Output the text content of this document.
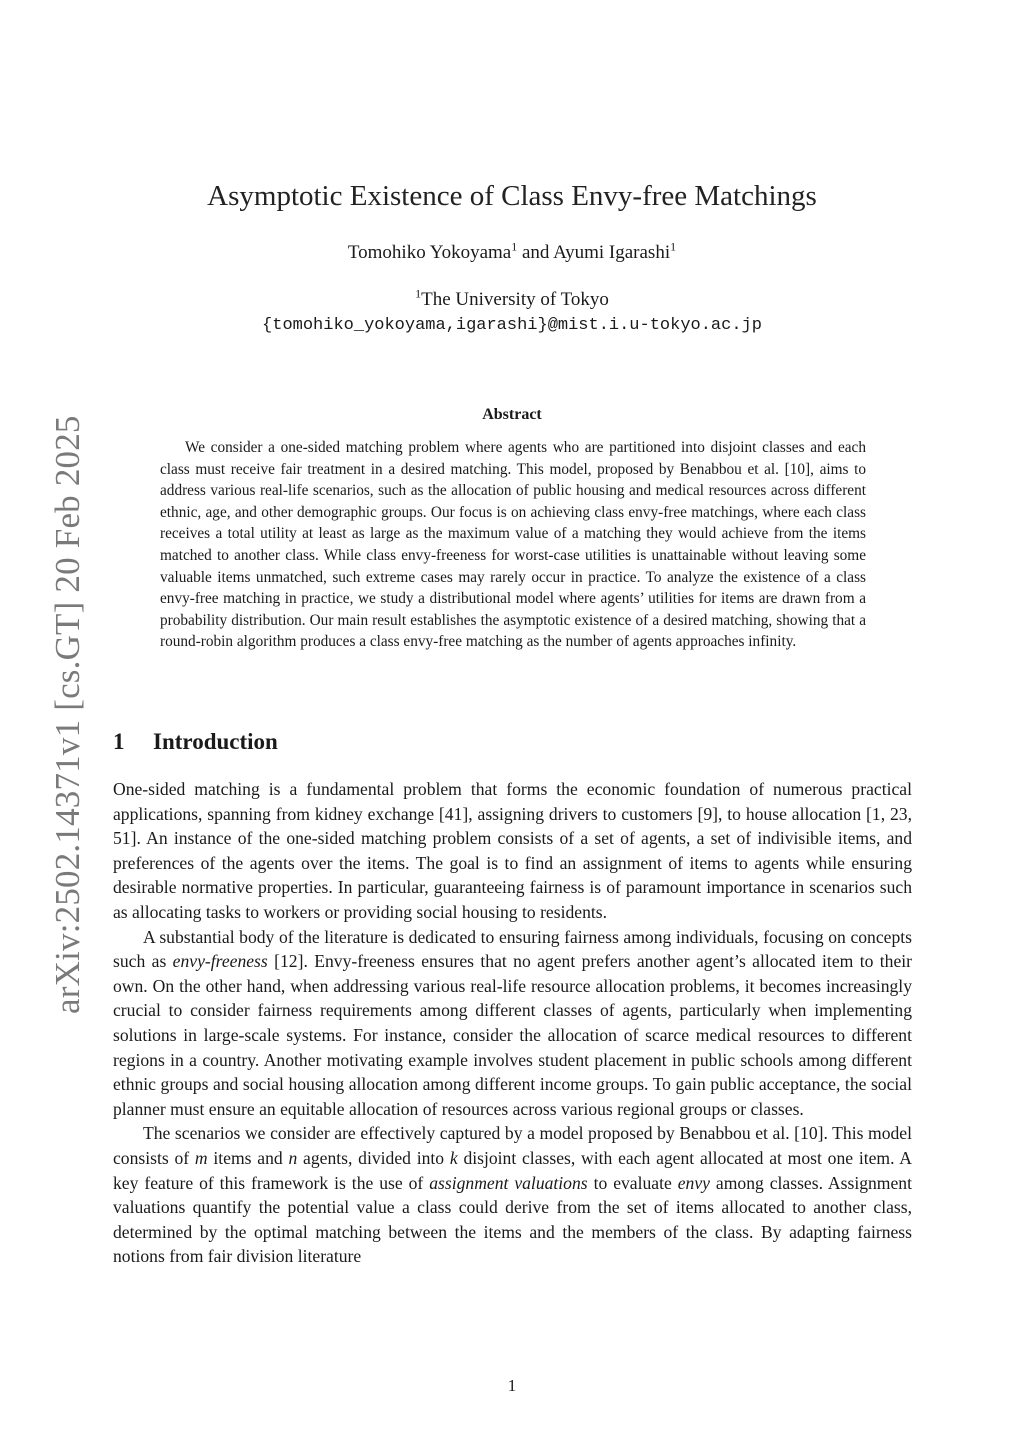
arXiv:2502.14371v1 [cs.GT] 20 Feb 2025
Asymptotic Existence of Class Envy-free Matchings
Tomohiko Yokoyama$^1$ and Ayumi Igarashi$^1$
$^1$The University of Tokyo
{tomohiko_yokoyama,igarashi}@mist.i.u-tokyo.ac.jp
Abstract

We consider a one-sided matching problem where agents who are partitioned into disjoint classes and each class must receive fair treatment in a desired matching. This model, proposed by Benabbou et al. [10], aims to address various real-life scenarios, such as the allocation of public housing and medical resources across different ethnic, age, and other demographic groups. Our focus is on achieving class envy-free matchings, where each class receives a total utility at least as large as the maximum value of a matching they would achieve from the items matched to another class. While class envy-freeness for worst-case utilities is unattainable without leaving some valuable items unmatched, such extreme cases may rarely occur in practice. To analyze the existence of a class envy-free matching in practice, we study a distributional model where agents’ utilities for items are drawn from a probability distribution. Our main result establishes the asymptotic existence of a desired matching, showing that a round-robin algorithm produces a class envy-free matching as the number of agents approaches infinity.

1 Introduction

One-sided matching is a fundamental problem that forms the economic foundation of numerous practical applications, spanning from kidney exchange [41], assigning drivers to customers [9], to house allocation [1, 23, 51]. An instance of the one-sided matching problem consists of a set of agents, a set of indivisible items, and preferences of the agents over the items. The goal is to find an assignment of items to agents while ensuring desirable normative properties. In particular, guaranteeing fairness is of paramount importance in scenarios such as allocating tasks to workers or providing social housing to residents.

A substantial body of the literature is dedicated to ensuring fairness among individuals, focusing on concepts such as envy-freeness [12]. Envy-freeness ensures that no agent prefers another agent’s allocated item to their own. On the other hand, when addressing various real-life resource allocation problems, it becomes increasingly crucial to consider fairness requirements among different classes of agents, particularly when implementing solutions in large-scale systems. For instance, consider the allocation of scarce medical resources to different regions in a country. Another motivating example involves student placement in public schools among different ethnic groups and social housing allocation among different income groups. To gain public acceptance, the social planner must ensure an equitable allocation of resources across various regional groups or classes.

The scenarios we consider are effectively captured by a model proposed by Benabbou et al. [10]. This model consists of m items and n agents, divided into k disjoint classes, with each agent allocated at most one item. A key feature of this framework is the use of assignment valuations to evaluate envy among classes. Assignment valuations quantify the potential value a class could derive from the set of items allocated to another class, determined by the optimal matching between the items and the members of the class. By adapting fairness notions from fair division literature

1
